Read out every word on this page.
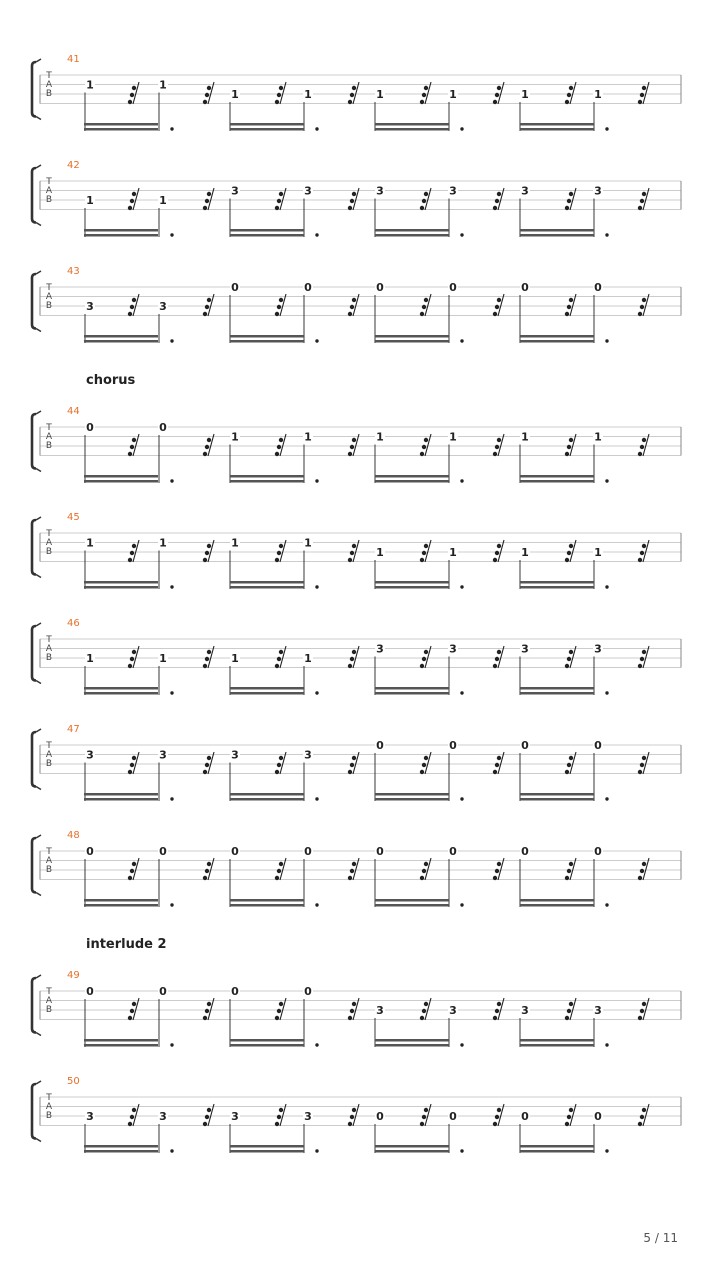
41
T
A
B
1	1
1	1	1	1	1	1
42
T
A
B	1	1
3	3	3	3	3	3
43
T
A
B	3	3
0	0	0	0	0	0
44
T
A
B
0	0
1	1	1	1	1	1
45
T
A
B
1	1	1	1
1	1	1	1
46
T
A
B	1	1	1	1
3	3	3	3
47
T
A
B
3	3	3	3
0	0	0	0
48
T
A
B
0	0	0	0	0	0	0	0
49
T
A
B
0	0	0	0
3	3	3	3
50
T
A
B	3	3	3	3	0	0	0	0
chorus
interlude 2
5 / 11
